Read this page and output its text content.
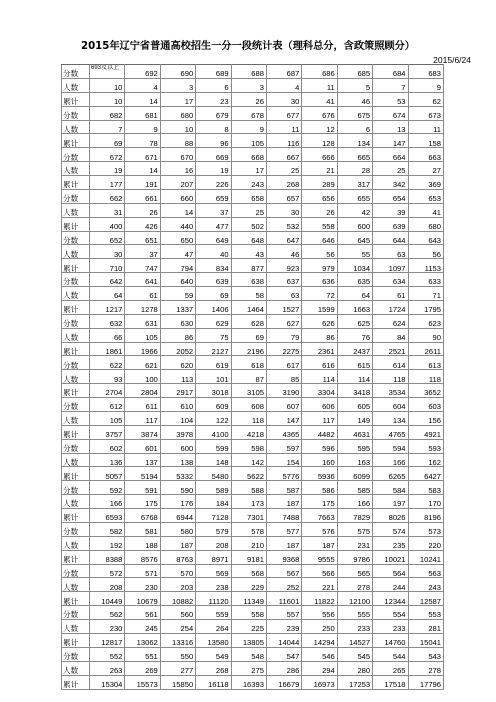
2015年辽宁省普通高校招生一分一段统计表（理科总分，含政策照顾分）
2015/6/24
分数	693及以上	692	690	689	688	687	686	685	684	683
人数	10	4	3	6	3	4	11	5	7	9
累计	10	14	17	23	26	30	41	46	53	62
分数	682	681	680	679	678	677	676	675	674	673
人数	7	9	10	8	9	11	12	6	13	11
累计	69	78	88	96	105	116	128	134	147	158
分数	672	671	670	669	668	667	666	665	664	663
人数	19	14	16	19	17	25	21	28	25	27
累计	177	191	207	226	243	268	289	317	342	369
分数	662	661	660	659	658	657	656	655	654	653
人数	31	26	14	37	25	30	26	42	39	41
累计	400	426	440	477	502	532	558	600	639	680
分数	652	651	650	649	648	647	646	645	644	643
人数	30	37	47	40	43	46	56	55	63	56
累计	710	747	794	834	877	923	979	1034	1097	1153
分数	642	641	640	639	638	637	636	635	634	633
人数	64	61	59	69	58	63	72	64	61	71
累计	1217	1278	1337	1406	1464	1527	1599	1663	1724	1795
分数	632	631	630	629	628	627	626	625	624	623
人数	66	105	86	75	69	79	86	76	84	90
累计	1861	1966	2052	2127	2196	2275	2361	2437	2521	2611
分数	622	621	620	619	618	617	616	615	614	613
人数	93	100	113	101	87	85	114	114	118	118
累计	2704	2804	2917	3018	3105	3190	3304	3418	3534	3652
分数	612	611	610	609	608	607	606	605	604	603
人数	105	117	104	122	118	147	117	149	134	156
累计	3757	3874	3978	4100	4218	4365	4482	4631	4765	4921
分数	602	601	600	599	598	597	596	595	594	593
人数	136	137	138	148	142	154	160	163	166	162
累计	5057	5194	5332	5480	5622	5776	5936	6099	6265	6427
分数	592	591	590	589	588	587	586	585	584	583
人数	166	175	176	184	173	187	175	166	197	170
累计	6593	6768	6944	7128	7301	7488	7663	7829	8026	8196
分数	582	581	580	579	578	577	576	575	574	573
人数	192	188	187	208	210	187	187	231	235	220
累计	8388	8576	8763	8971	9181	9368	9555	9786	10021	10241
分数	572	571	570	569	568	567	566	565	564	563
人数	208	230	203	238	229	252	221	278	244	243
累计	10449	10679	10882	11120	11349	11601	11822	12100	12344	12587
分数	562	561	560	559	558	557	556	555	554	553
人数	230	245	254	264	225	239	250	233	233	281
累计	12817	13062	13316	13580	13805	14044	14294	14527	14760	15041
分数	552	551	550	549	548	547	546	545	544	543
人数	263	269	277	268	275	286	294	280	265	278
累计	15304	15573	15850	16118	16393	16679	16973	17253	17518	17796
